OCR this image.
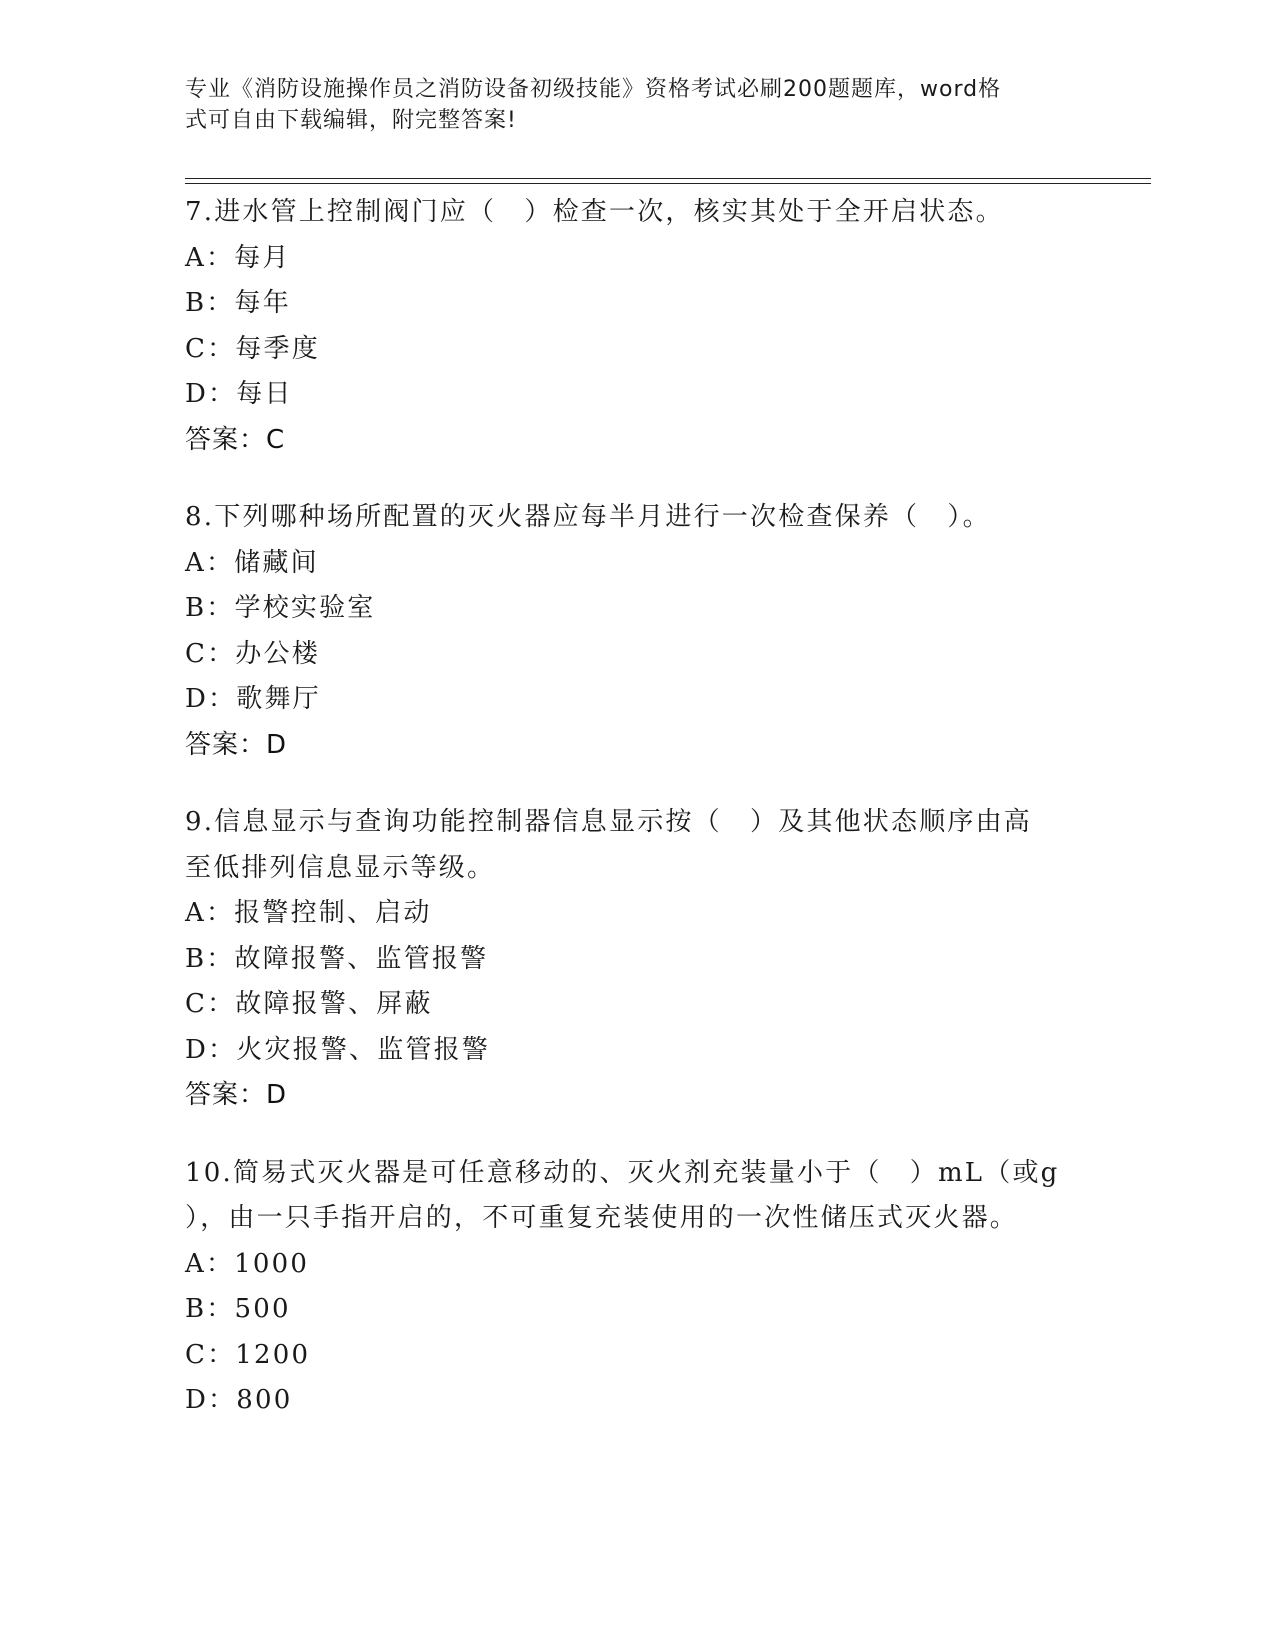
专业《消防设施操作员之消防设备初级技能》资格考试必刷200题题库，word格
式可自由下载编辑，附完整答案!
7.进水管上控制阀门应（　）检查一次，核实其处于全开启状态。
A：每月
B：每年
C：每季度
D：每日
答案：C
8.下列哪种场所配置的灭火器应每半月进行一次检查保养（　）。
A：储藏间
B：学校实验室
C：办公楼
D：歌舞厅
答案：D
9.信息显示与查询功能控制器信息显示按（　）及其他状态顺序由高
至低排列信息显示等级。
A：报警控制、启动
B：故障报警、监管报警
C：故障报警、屏蔽
D：火灾报警、监管报警
答案：D
10.简易式灭火器是可任意移动的、灭火剂充装量小于（　）mL（或g
），由一只手指开启的，不可重复充装使用的一次性储压式灭火器。
A：1000
B：500
C：1200
D：800
